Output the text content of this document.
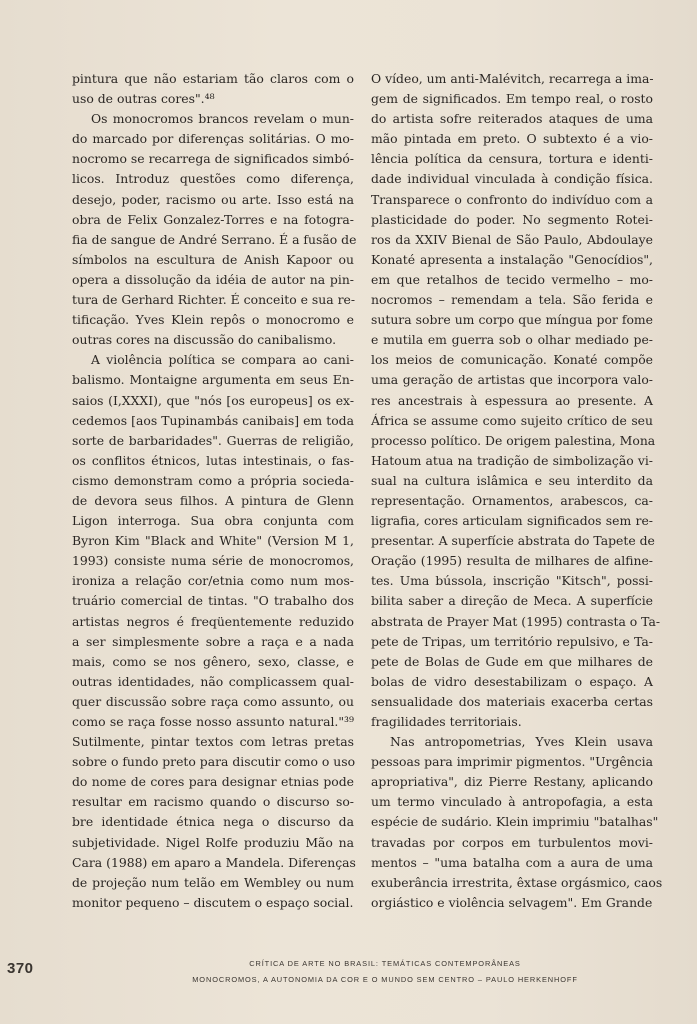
pintura que não estariam tão claros com o
uso de outras cores".⁴⁸
Os monocromos brancos revelam o mun-
do marcado por diferenças solitárias. O mo-
nocromo se recarrega de significados simbó-
licos. Introduz questões como diferença,
desejo, poder, racismo ou arte. Isso está na
obra de Felix Gonzalez-Torres e na fotogra-
fia de sangue de André Serrano. É a fusão de
símbolos na escultura de Anish Kapoor ou
opera a dissolução da idéia de autor na pin-
tura de Gerhard Richter. É conceito e sua re-
tificação. Yves Klein repôs o monocromo e
outras cores na discussão do canibalismo.
A violência política se compara ao cani-
balismo. Montaigne argumenta em seus En-
saios (I,XXXI), que "nós [os europeus] os ex-
cedemos [aos Tupinambás canibais] em toda
sorte de barbaridades". Guerras de religião,
os conflitos étnicos, lutas intestinais, o fas-
cismo demonstram como a própria socieda-
de devora seus filhos. A pintura de Glenn
Ligon interroga. Sua obra conjunta com
Byron Kim "Black and White" (Version M 1,
1993) consiste numa série de monocromos,
ironiza a relação cor/etnia como num mos-
truário comercial de tintas. "O trabalho dos
artistas negros é freqüentemente reduzido
a ser simplesmente sobre a raça e a nada
mais, como se nos gênero, sexo, classe, e
outras identidades, não complicassem qual-
quer discussão sobre raça como assunto, ou
como se raça fosse nosso assunto natural."³⁹
Sutilmente, pintar textos com letras pretas
sobre o fundo preto para discutir como o uso
do nome de cores para designar etnias pode
resultar em racismo quando o discurso so-
bre identidade étnica nega o discurso da
subjetividade. Nigel Rolfe produziu Mão na
Cara (1988) em aparo a Mandela. Diferenças
de projeção num telão em Wembley ou num
monitor pequeno – discutem o espaço social.
O vídeo, um anti-Malévitch, recarrega a ima-
gem de significados. Em tempo real, o rosto
do artista sofre reiterados ataques de uma
mão pintada em preto. O subtexto é a vio-
lência política da censura, tortura e identi-
dade individual vinculada à condição física.
Transparece o confronto do indivíduo com a
plasticidade do poder. No segmento Rotei-
ros da XXIV Bienal de São Paulo, Abdoulaye
Konaté apresenta a instalação "Genocídios",
em que retalhos de tecido vermelho – mo-
nocromos – remendam a tela. São ferida e
sutura sobre um corpo que míngua por fome
e mutila em guerra sob o olhar mediado pe-
los meios de comunicação. Konaté compõe
uma geração de artistas que incorpora valo-
res ancestrais à espessura ao presente. A
África se assume como sujeito crítico de seu
processo político. De origem palestina, Mona
Hatoum atua na tradição de simbolização vi-
sual na cultura islâmica e seu interdito da
representação. Ornamentos, arabescos, ca-
ligrafia, cores articulam significados sem re-
presentar. A superfície abstrata do Tapete de
Oração (1995) resulta de milhares de alfine-
tes. Uma bússola, inscrição "Kitsch", possi-
bilita saber a direção de Meca. A superfície
abstrata de Prayer Mat (1995) contrasta o Ta-
pete de Tripas, um território repulsivo, e Ta-
pete de Bolas de Gude em que milhares de
bolas de vidro desestabilizam o espaço. A
sensualidade dos materiais exacerba certas
fragilidades territoriais.
Nas antropometrias, Yves Klein usava
pessoas para imprimir pigmentos. "Urgência
apropriativa", diz Pierre Restany, aplicando
um termo vinculado à antropofagia, a esta
espécie de sudário. Klein imprimiu "batalhas"
travadas por corpos em turbulentos movi-
mentos – "uma batalha com a aura de uma
exuberância irrestrita, êxtase orgásmico, caos
orgiástico e violência selvagem". Em Grande
370	CRÍTICA DE ARTE NO BRASIL: TEMÁTICAS CONTEMPORÂNEAS
MONOCROMOS, A AUTONOMIA DA COR E O MUNDO SEM CENTRO – PAULO HERKENHOFF
